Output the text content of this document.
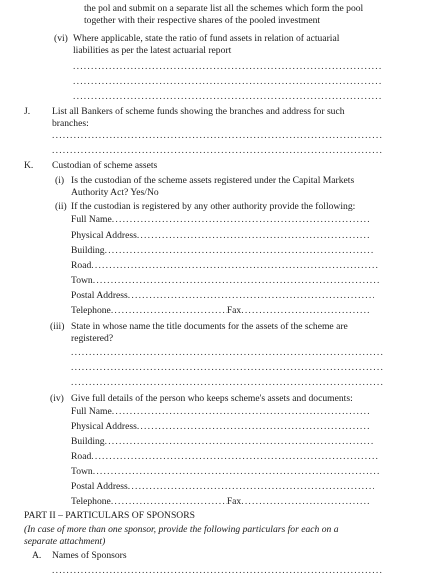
the pol and submit on a separate list all the schemes which form the pool
together with their respective shares of the pooled investment
(vi) Where applicable, state the ratio of fund assets in relation of actuarial
liabilities as per the latest actuarial report
.....
.....
.....
J. List all Bankers of scheme funds showing the branches and address for such
branches:
.....
.....
K. Custodian of scheme assets
(i) Is the custodian of the scheme assets registered under the Capital Markets
Authority Act? Yes/No
(ii) If the custodian is registered by any other authority provide the following:
Full Name.....
Physical Address.....
Building.....
Road.....
Town.....
Postal Address.....
Telephone .....	Fax.....
(iii) State in whose name the title documents for the assets of the scheme are
registered?
.....
.....
.....
(iv) Give full details of the person who keeps scheme's assets and documents:
Full Name.....
Physical Address.....
Building.....
Road.....
Town.....
Postal Address.....
Telephone .....	Fax.....
PART II – PARTICULARS OF SPONSORS
(In case of more than one sponsor, provide the following particulars for each on a
separate attachment)
A. Names of Sponsors
.....
